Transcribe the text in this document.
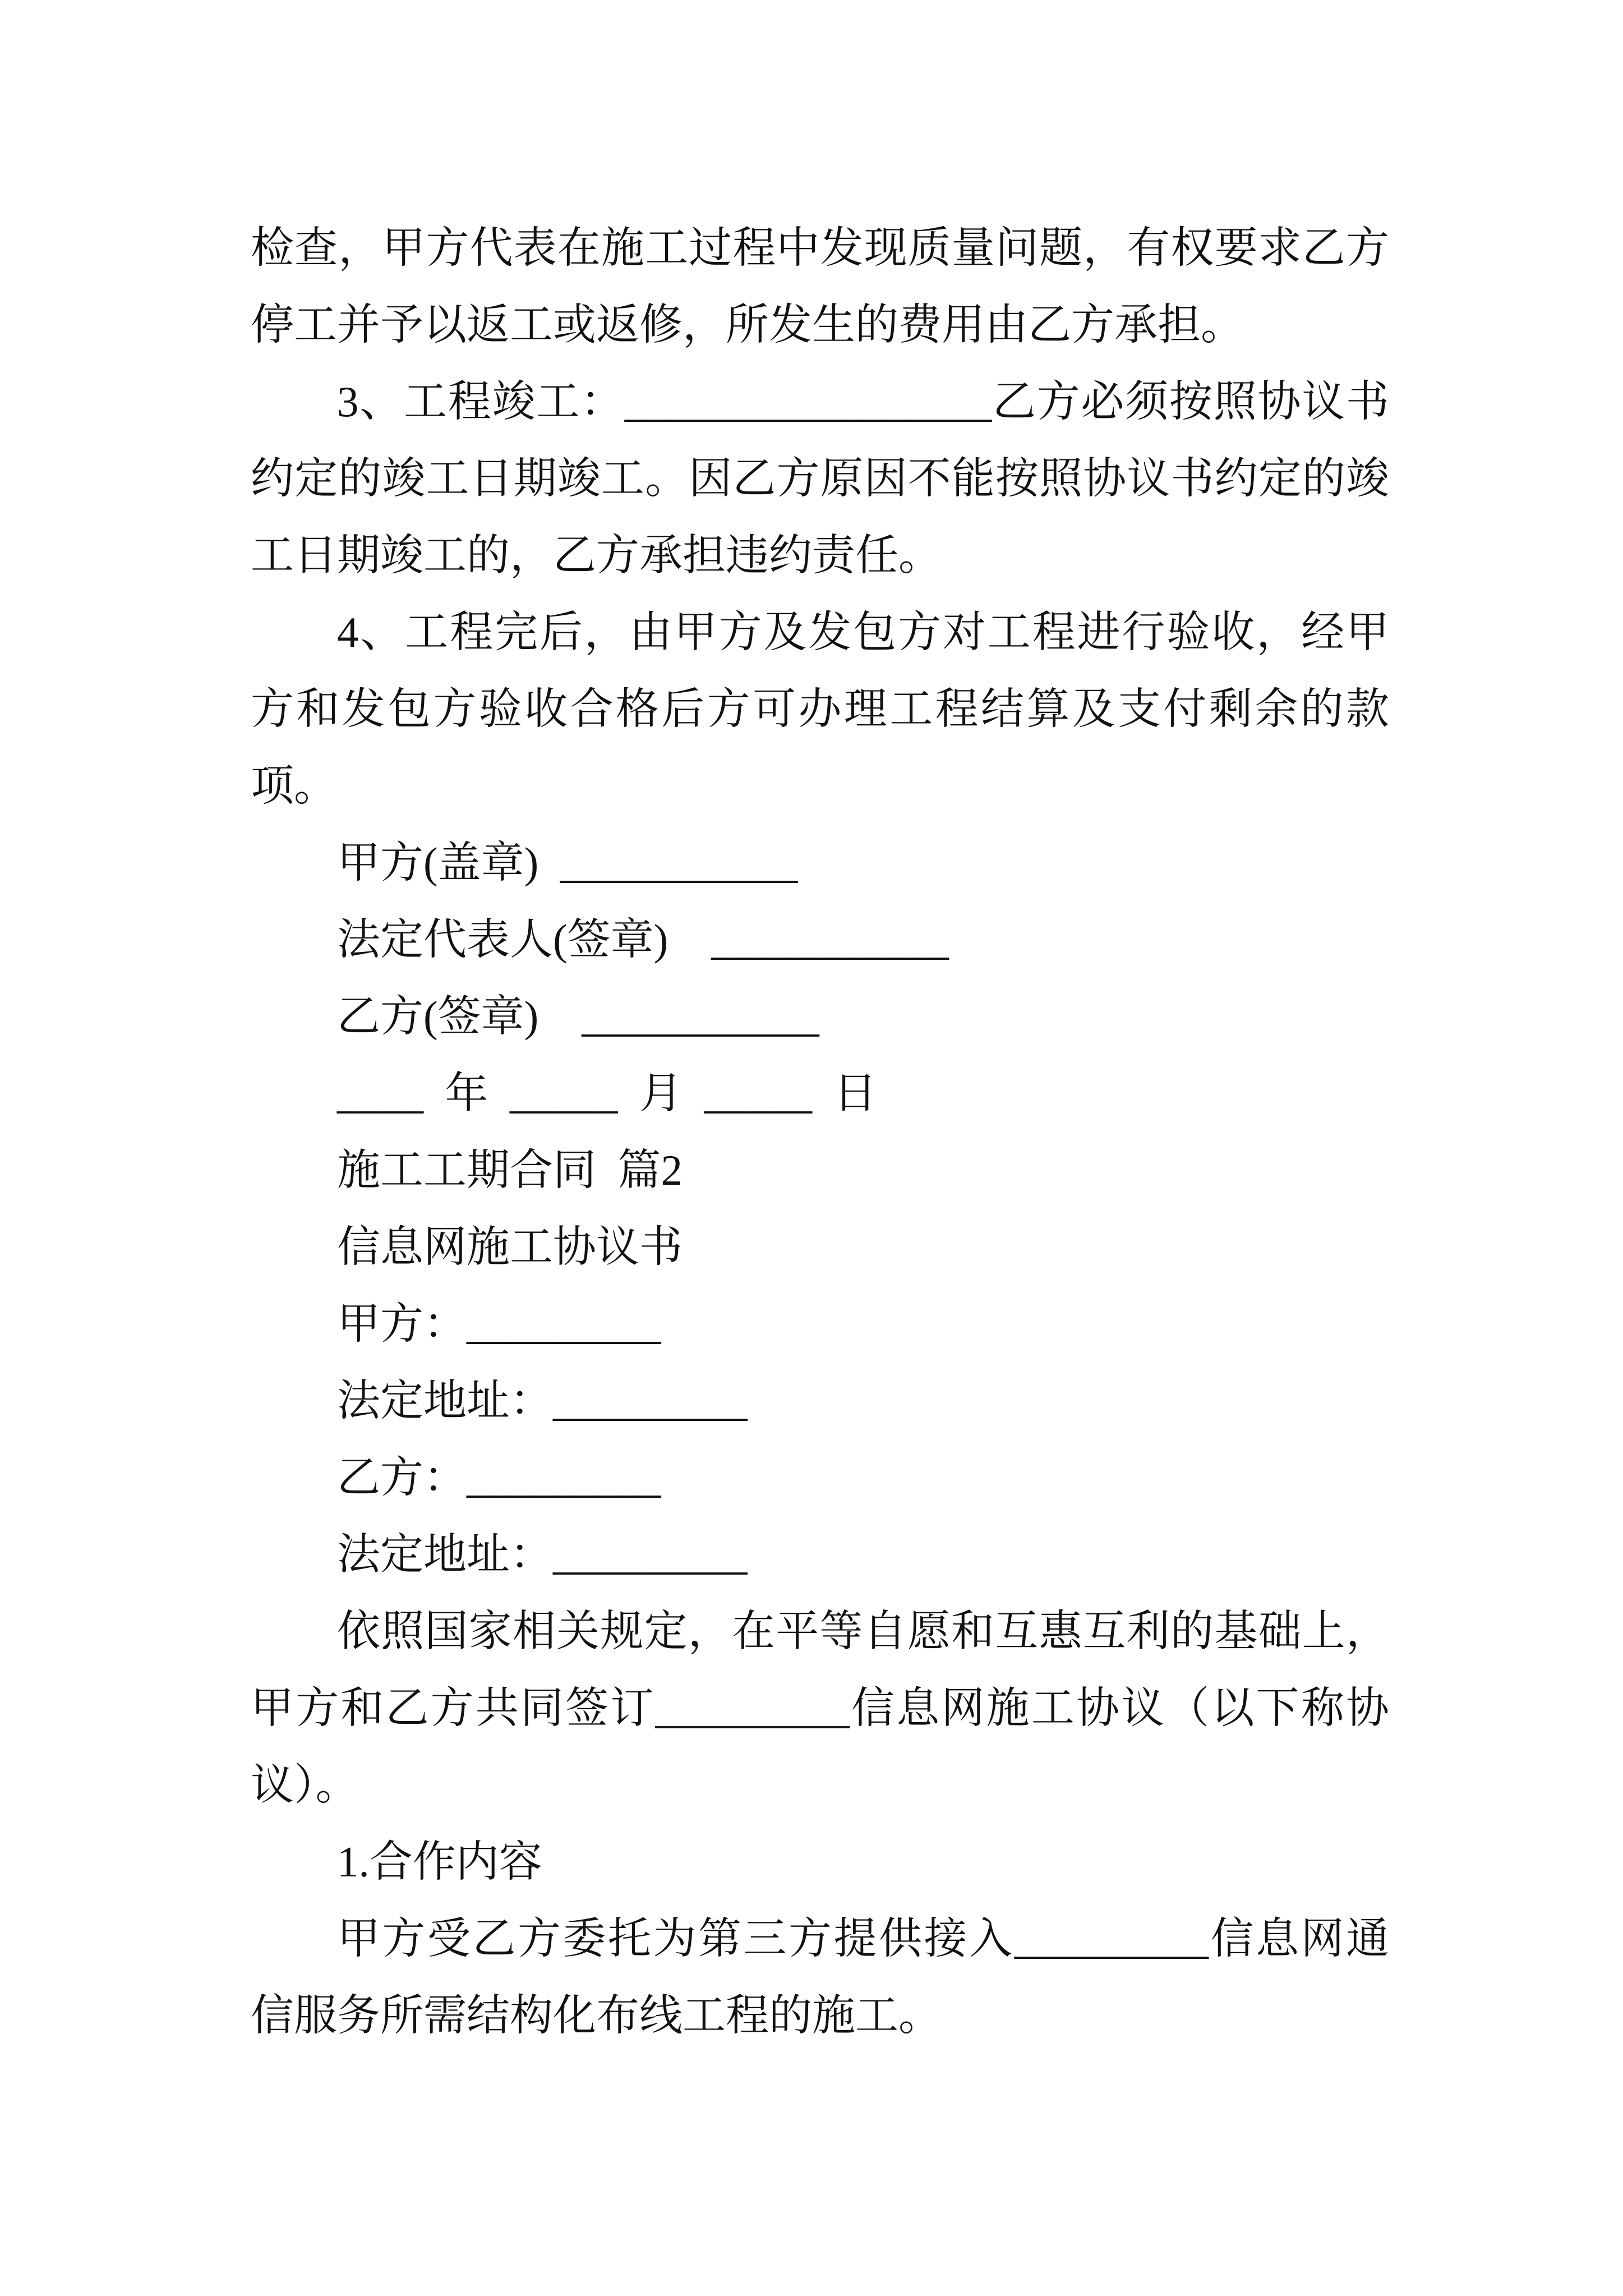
检查，甲方代表在施工过程中发现质量问题，有权要求乙方
停工并予以返工或返修，所发生的费用由乙方承担。
3、工程竣工：_________________乙方必须按照协议书
约定的竣工日期竣工。因乙方原因不能按照协议书约定的竣
工日期竣工的，乙方承担违约责任。
4、工程完后，由甲方及发包方对工程进行验收，经甲
方和发包方验收合格后方可办理工程结算及支付剩余的款
项。
甲方(盖章) ___________
法定代表人(签章)  ___________
乙方(签章)  ___________
____ 年 _____ 月 _____ 日
施工工期合同 篇2
信息网施工协议书
甲方：_________
法定地址：_________
乙方：_________
法定地址：_________
依照国家相关规定，在平等自愿和互惠互利的基础上，
甲方和乙方共同签订_________信息网施工协议（以下称协
议）。
1.合作内容
甲方受乙方委托为第三方提供接入_________信息网通
信服务所需结构化布线工程的施工。
